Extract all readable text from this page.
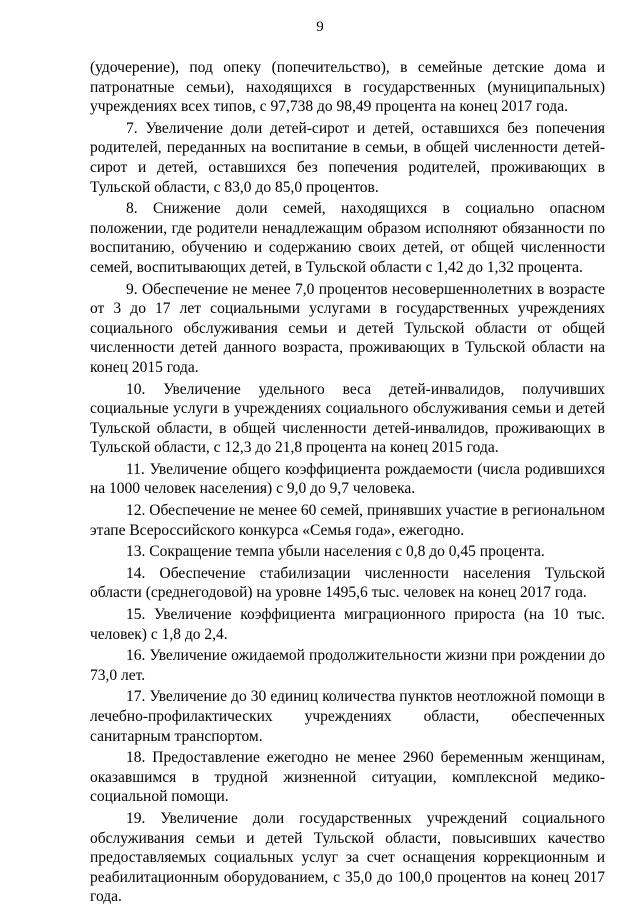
9

(удочерение), под опеку (попечительство), в семейные детские дома и патронатные семьи), находящихся в государственных (муниципальных) учреждениях всех типов, с 97,738 до 98,49 процента на конец 2017 года.

7. Увеличение доли детей-сирот и детей, оставшихся без попечения родителей, переданных на воспитание в семьи, в общей численности детей-сирот и детей, оставшихся без попечения родителей, проживающих в Тульской области, с 83,0 до 85,0 процентов.

8. Снижение доли семей, находящихся в социально опасном положении, где родители ненадлежащим образом исполняют обязанности по воспитанию, обучению и содержанию своих детей, от общей численности семей, воспитывающих детей, в Тульской области с 1,42 до 1,32 процента.

9. Обеспечение не менее 7,0 процентов несовершеннолетних в возрасте от 3 до 17 лет социальными услугами в государственных учреждениях социального обслуживания семьи и детей Тульской области от общей численности детей данного возраста, проживающих в Тульской области на конец 2015 года.

10. Увеличение удельного веса детей-инвалидов, получивших социальные услуги в учреждениях социального обслуживания семьи и детей Тульской области, в общей численности детей-инвалидов, проживающих в Тульской области, с 12,3 до 21,8 процента на конец 2015 года.

11. Увеличение общего коэффициента рождаемости (числа родившихся на 1000 человек населения) с 9,0 до 9,7 человека.

12. Обеспечение не менее 60 семей, принявших участие в региональном этапе Всероссийского конкурса «Семья года», ежегодно.

13. Сокращение темпа убыли населения с 0,8 до 0,45 процента.

14. Обеспечение стабилизации численности населения Тульской области (среднегодовой) на уровне 1495,6 тыс. человек на конец 2017 года.

15. Увеличение коэффициента миграционного прироста (на 10 тыс. человек) с 1,8 до 2,4.

16. Увеличение ожидаемой продолжительности жизни при рождении до 73,0 лет.

17. Увеличение до 30 единиц количества пунктов неотложной помощи в лечебно-профилактических учреждениях области, обеспеченных санитарным транспортом.

18. Предоставление ежегодно не менее 2960 беременным женщинам, оказавшимся в трудной жизненной ситуации, комплексной медико-социальной помощи.

19. Увеличение доли государственных учреждений социального обслуживания семьи и детей Тульской области, повысивших качество предоставляемых социальных услуг за счет оснащения коррекционным и реабилитационным оборудованием, с 35,0 до 100,0 процентов на конец 2017 года.
